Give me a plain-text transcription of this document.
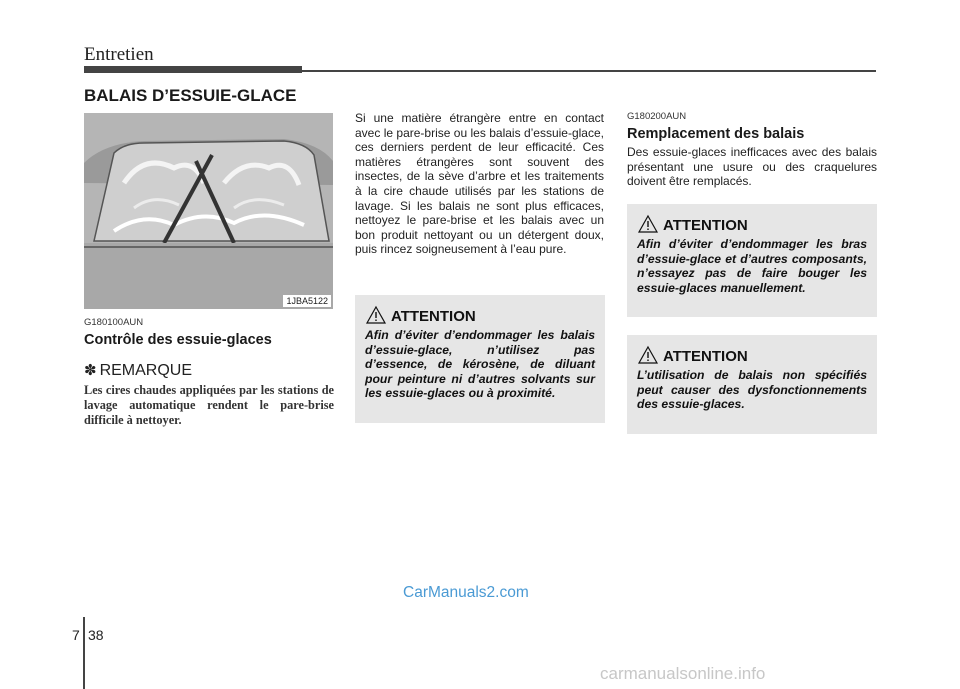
Entretien
BALAIS D’ESSUIE-GLACE
1JBA5122
G180100AUN
Contrôle des essuie-glaces
✽ REMARQUE
Les cires chaudes appliquées par les stations de lavage automatique rendent le pare-brise difficile à nettoyer.
Si une matière étrangère entre en contact avec le pare-brise ou les balais d’essuie-glace, ces derniers perdent de leur efficacité. Ces matières étrangères sont souvent des insectes, de la sève d’arbre et les traitements à la cire chaude utilisés par les stations de lavage. Si les balais ne sont plus efficaces, nettoyez le pare-brise et les balais avec un bon produit nettoyant ou un détergent doux, puis rincez soigneusement à l’eau pure.
ATTENTION
Afin d’éviter d’endommager les balais d’essuie-glace, n’utilisez pas d’essence, de kérosène, de diluant pour peinture ni d’autres solvants sur les essuie-glaces ou à proximité.
G180200AUN
Remplacement des balais
Des essuie-glaces inefficaces avec des balais présentant une usure ou des craquelures doivent être remplacés.
ATTENTION
Afin d’éviter d’endommager les bras d’essuie-glace et d’autres composants, n’essayez pas de faire bouger les essuie-glaces manuellement.
ATTENTION
L’utilisation de balais non spécifiés peut causer des dysfonctionnements des essuie-glaces.
CarManuals2.com
7 38
carmanualsonline.info
